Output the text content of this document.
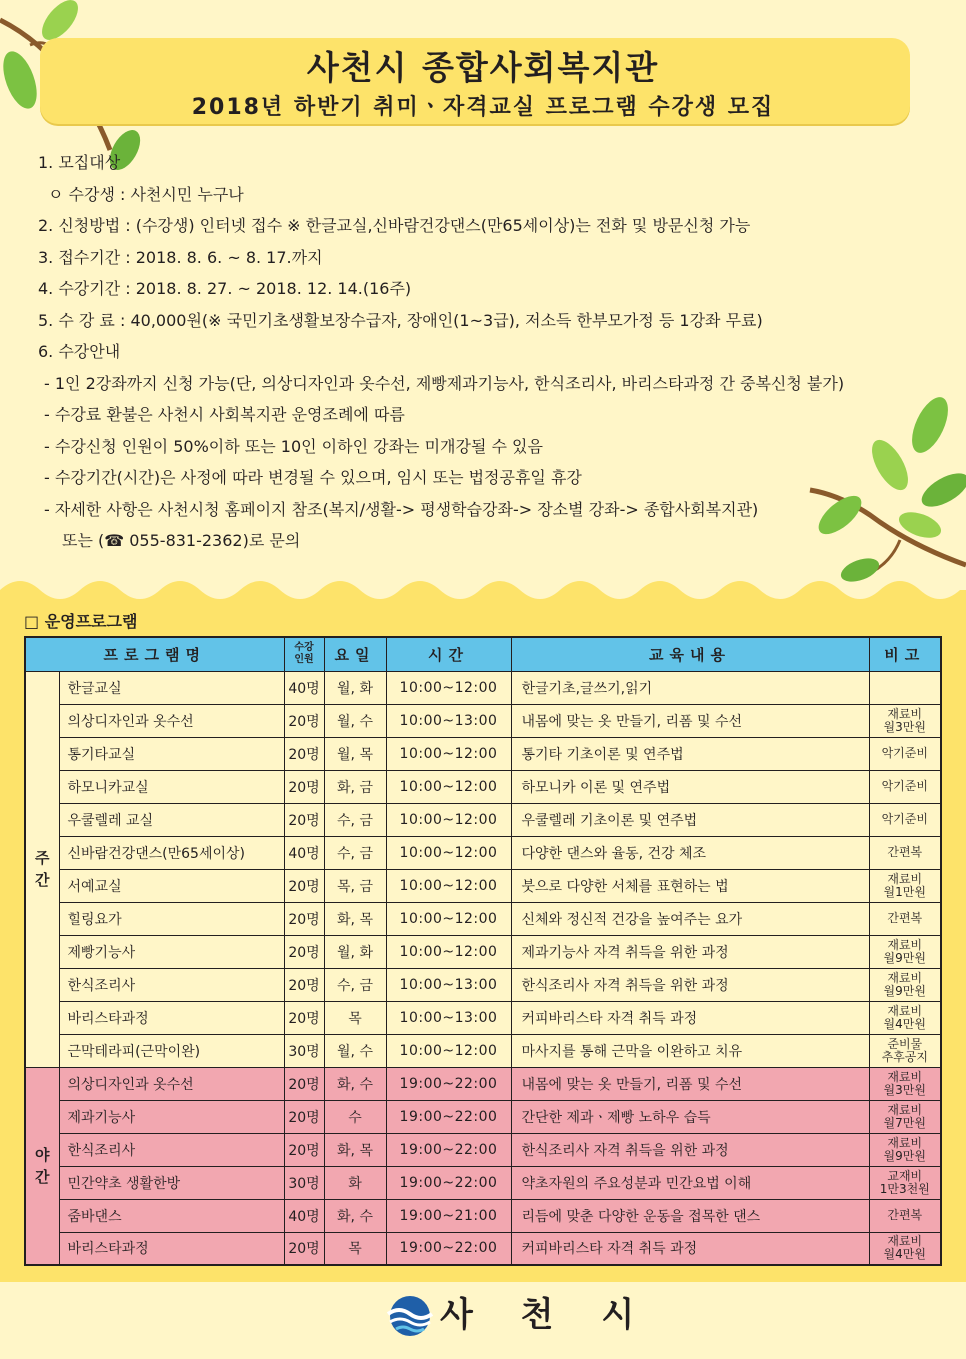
사천시 종합사회복지관
2018년 하반기 취미ㆍ자격교실 프로그램 수강생 모집
1. 모집대상
ㅇ 수강생 : 사천시민 누구나
2. 신청방법 : (수강생) 인터넷 접수 ※ 한글교실,신바람건강댄스(만65세이상)는 전화 및 방문신청 가능
3. 접수기간 : 2018. 8. 6. ~ 8. 17.까지
4. 수강기간 : 2018. 8. 27. ~ 2018. 12. 14.(16주)
5. 수 강 료 : 40,000원(※ 국민기초생활보장수급자, 장애인(1~3급), 저소득 한부모가정 등 1강좌 무료)
6. 수강안내
- 1인 2강좌까지 신청 가능(단, 의상디자인과 옷수선, 제빵제과기능사, 한식조리사, 바리스타과정 간 중복신청 불가)
- 수강료 환불은 사천시 사회복지관 운영조례에 따름
- 수강신청 인원이 50%이하 또는 10인 이하인 강좌는 미개강될 수 있음
- 수강기간(시간)은 사정에 따라 변경될 수 있으며, 임시 또는 법정공휴일 휴강
- 자세한 사항은 사천시청 홈페이지 참조(복지/생활-> 평생학습강좌-> 장소별 강좌-> 종합사회복지관)
또는 (☎ 055-831-2362)로 문의
□ 운영프로그램
프로그램명		수강
인원	요일	시간	교육내용	비고
주
간	한글교실	40명	월, 화	10:00~12:00	한글기초,글쓰기,읽기	
	의상디자인과 옷수선	20명	월, 수	10:00~13:00	내몸에 맞는 옷 만들기, 리폼 및 수선	재료비
월3만원
	통기타교실	20명	월, 목	10:00~12:00	통기타 기초이론 및 연주법	악기준비
	하모니카교실	20명	화, 금	10:00~12:00	하모니카 이론 및 연주법	악기준비
	우쿨렐레 교실	20명	수, 금	10:00~12:00	우쿨렐레 기초이론 및 연주법	악기준비
	신바람건강댄스(만65세이상)	40명	수, 금	10:00~12:00	다양한 댄스와 율동, 건강 체조	간편복
	서예교실	20명	목, 금	10:00~12:00	붓으로 다양한 서체를 표현하는 법	재료비
월1만원
	힐링요가	20명	화, 목	10:00~12:00	신체와 정신적 건강을 높여주는 요가	간편복
	제빵기능사	20명	월, 화	10:00~12:00	제과기능사 자격 취득을 위한 과정	재료비
월9만원
	한식조리사	20명	수, 금	10:00~13:00	한식조리사 자격 취득을 위한 과정	재료비
월9만원
	바리스타과정	20명	목	10:00~13:00	커피바리스타 자격 취득 과정	재료비
월4만원
	근막테라피(근막이완)	30명	월, 수	10:00~12:00	마사지를 통해 근막을 이완하고 치유	준비물
추후공지
야
간	의상디자인과 옷수선	20명	화, 수	19:00~22:00	내몸에 맞는 옷 만들기, 리폼 및 수선	재료비
월3만원
	제과기능사	20명	수	19:00~22:00	간단한 제과ㆍ제빵 노하우 습득	재료비
월7만원
	한식조리사	20명	화, 목	19:00~22:00	한식조리사 자격 취득을 위한 과정	재료비
월9만원
	민간약초 생활한방	30명	화	19:00~22:00	약초자원의 주요성분과 민간요법 이해	교재비
1만3천원
	줌바댄스	40명	화, 수	19:00~21:00	리듬에 맞춘 다양한 운동을 접목한 댄스	간편복
	바리스타과정	20명	목	19:00~22:00	커피바리스타 자격 취득 과정	재료비
월4만원
사 천 시
